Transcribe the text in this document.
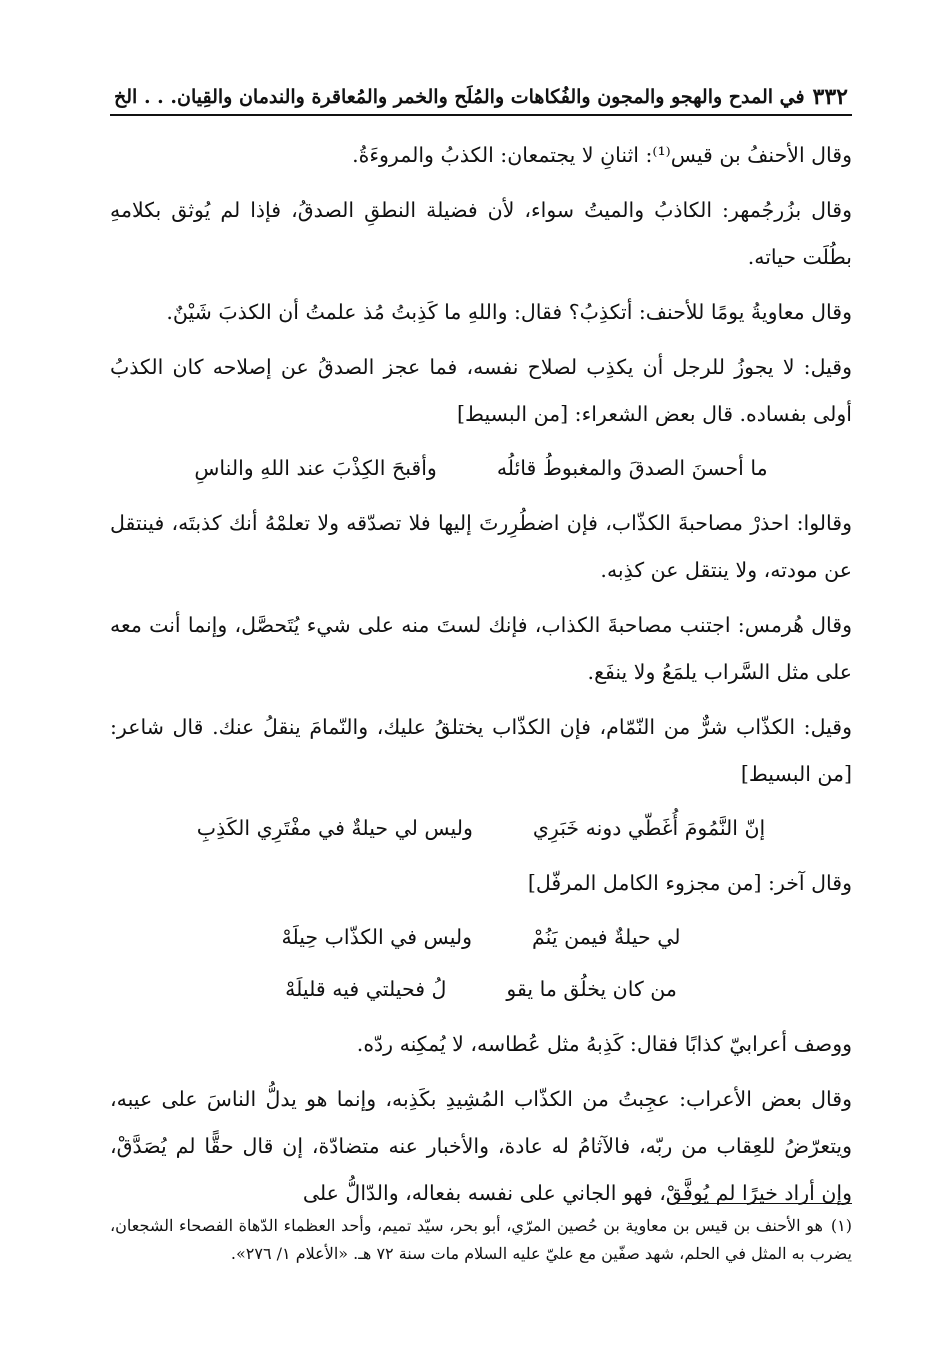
٣٣٢
في المدح والهجو والمجون والفُكاهات والمُلَح والخمر والمُعاقرة والندمان والقِيان. . . الخ

وقال الأحنفُ بن قيس⁽¹⁾: اثنانِ لا يجتمعان: الكذبُ والمروءَةُ.

وقال بزُرجُمهر: الكاذبُ والميتُ سواء، لأن فضيلة النطقِ الصدقُ، فإذا لم يُوثق بكلامهِ بطُلَت حياته.

وقال معاويةُ يومًا للأحنف: أتكذِبُ؟ فقال: واللهِ ما كَذِبتُ مُذ علمتُ أن الكذبَ شَيْنٌ.

وقيل: لا يجوزُ للرجل أن يكذِب لصلاح نفسه، فما عجز الصدقُ عن إصلاحه كان الكذبُ أولى بفساده. قال بعض الشعراء: [من البسيط]

ما أحسنَ الصدقَ والمغبوطُ قائلُه
وأقبحَ الكِذْبَ عند اللهِ والناسِ

وقالوا: احذرْ مصاحبةَ الكذّاب، فإن اضطُرِرتَ إليها فلا تصدّقه ولا تعلمْهُ أنك كذبتَه، فينتقل عن مودته، ولا ينتقل عن كذِبه.

وقال هُرمس: اجتنب مصاحبةَ الكذاب، فإنك لستَ منه على شيء يُتَحصَّل، وإنما أنت معه على مثل السَّراب يلمَعُ ولا ينفَع.

وقيل: الكذّاب شرٌّ من النّمّام، فإن الكذّاب يختلقُ عليك، والنّمامَ ينقلُ عنك. قال شاعر: [من البسيط]

إنّ النَّمُومَ أُغَطّي دونه خَبَرِي
وليس لي حيلةٌ في مفْتَرِي الكَذِبِ

وقال آخر: [من مجزوء الكامل المرفّل]

لي حيلةٌ فيمن يَنُمْ
وليس في الكذّاب حِيلَهْ
من كان يخلُق ما يقو
لُ فحيلتي فيه قليلَهْ

ووصف أعرابيّ كذابًا فقال: كَذِبهُ مثل عُطاسه، لا يُمكِنه ردّه.

وقال بعض الأعراب: عجِبتُ من الكذّاب المُشِيدِ بكَذِبه، وإنما هو يدلُّ الناسَ على عيبه، ويتعرّضُ للعِقاب من ربّه، فالآثامُ له عادة، والأخبار عنه متضادّة، إن قال حقًّا لم يُصَدَّقْ، وإن أراد خيرًا لم يُوفَّقْ، فهو الجاني على نفسه بفعاله، والدّالُّ على

(١)هو الأحنف بن قيس بن معاوية بن حُصين المرّي، أبو بحر، سيّد تميم، وأحد العظماء الدّهاة الفصحاء الشجعان، يضرب به المثل في الحلم، شهد صفّين مع عليّ عليه السلام مات سنة ٧٢ هـ. «الأعلام ١/ ٢٧٦».
